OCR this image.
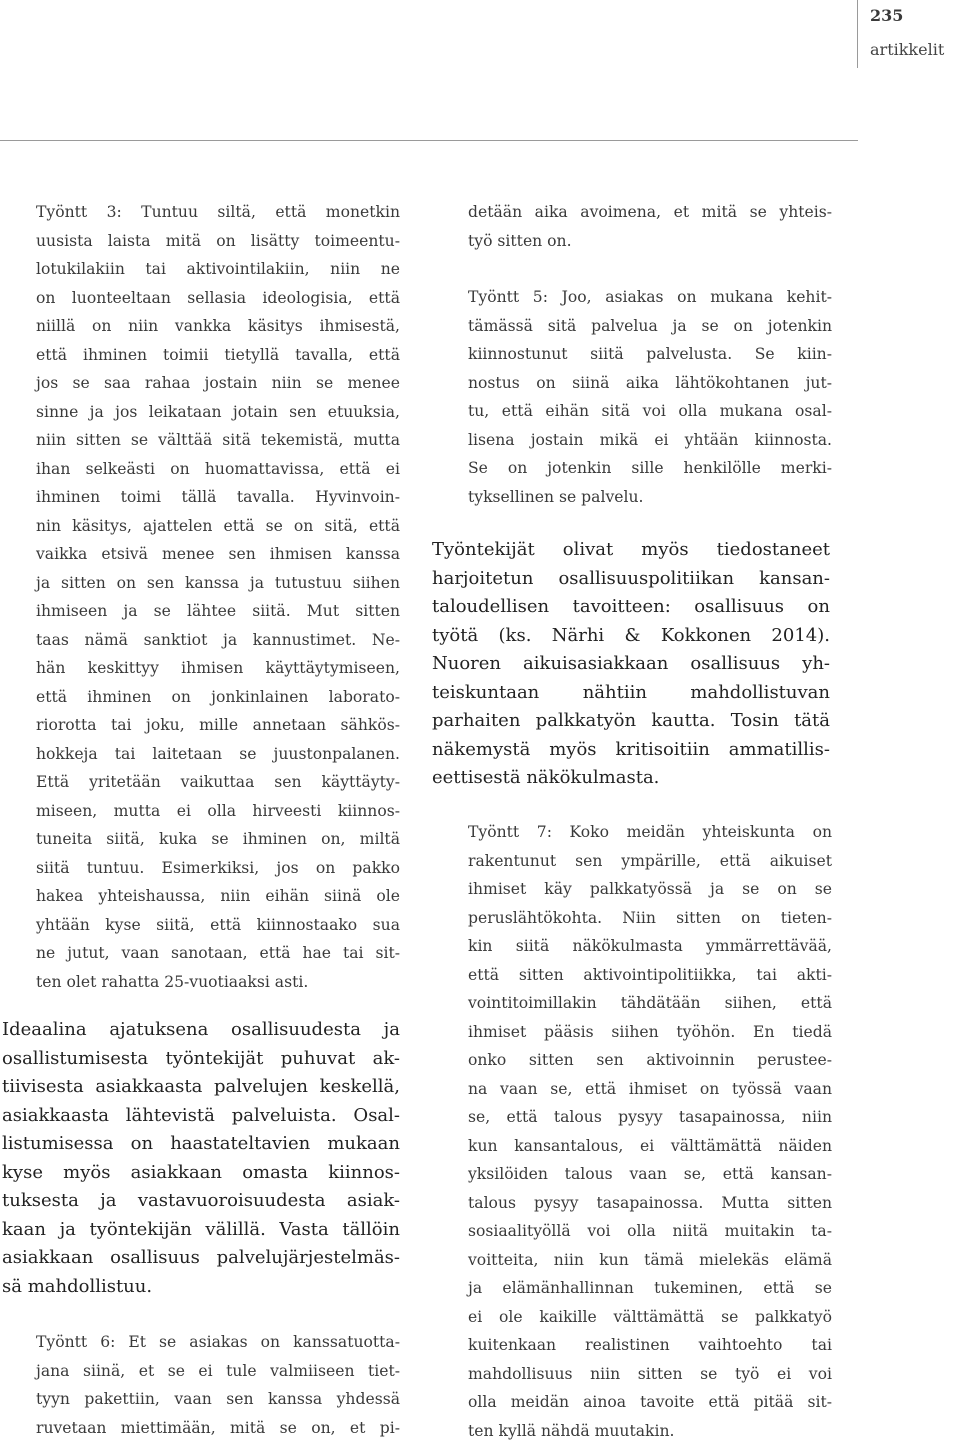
235
artikkelit
Työntt 3: Tuntuu siltä, että monetkin
uusista laista mitä on lisätty toimeentu-
lotukilakiin tai aktivointilakiin, niin ne
on luonteeltaan sellasia ideologisia, että
niillä on niin vankka käsitys ihmisestä,
että ihminen toimii tietyllä tavalla, että
jos se saa rahaa jostain niin se menee
sinne ja jos leikataan jotain sen etuuksia,
niin sitten se välttää sitä tekemistä, mutta
ihan selkeästi on huomattavissa, että ei
ihminen toimi tällä tavalla. Hyvinvoin-
nin käsitys, ajattelen että se on sitä, että
vaikka etsivä menee sen ihmisen kanssa
ja sitten on sen kanssa ja tutustuu siihen
ihmiseen ja se lähtee siitä. Mut sitten
taas nämä sanktiot ja kannustimet. Ne-
hän keskittyy ihmisen käyttäytymiseen,
että ihminen on jonkinlainen laborato-
riorotta tai joku, mille annetaan sähkös-
hokkeja tai laitetaan se juustonpalanen.
Että yritetään vaikuttaa sen käyttäyty-
miseen, mutta ei olla hirveesti kiinnos-
tuneita siitä, kuka se ihminen on, miltä
siitä tuntuu. Esimerkiksi, jos on pakko
hakea yhteishaussa, niin eihän siinä ole
yhtään kyse siitä, että kiinnostaako sua
ne jutut, vaan sanotaan, että hae tai sit-
ten olet rahatta 25-vuotiaaksi asti.
Ideaalina ajatuksena osallisuudesta ja
osallistumisesta työntekijät puhuvat ak-
tiivisesta asiakkaasta palvelujen keskellä,
asiakkaasta lähtevistä palveluista. Osal-
listumisessa on haastateltavien mukaan
kyse myös asiakkaan omasta kiinnos-
tuksesta ja vastavuoroisuudesta asiak-
kaan ja työntekijän välillä. Vasta tällöin
asiakkaan osallisuus palvelujärjestelmäs-
sä mahdollistuu.
Työntt 6: Et se asiakas on kanssatuotta-
jana siinä, et se ei tule valmiiseen tiet-
tyyn pakettiin, vaan sen kanssa yhdessä
ruvetaan miettimään, mitä se on, et pi-
detään aika avoimena, et mitä se yhteis-
työ sitten on.
Työntt 5: Joo, asiakas on mukana kehit-
tämässä sitä palvelua ja se on jotenkin
kiinnostunut siitä palvelusta. Se kiin-
nostus on siinä aika lähtökohtanen jut-
tu, että eihän sitä voi olla mukana osal-
lisena jostain mikä ei yhtään kiinnosta.
Se on jotenkin sille henkilölle merki-
tyksellinen se palvelu.
Työntekijät olivat myös tiedostaneet
harjoitetun osallisuuspolitiikan kansan-
taloudellisen tavoitteen: osallisuus on
työtä (ks. Närhi & Kokkonen 2014).
Nuoren aikuisasiakkaan osallisuus yh-
teiskuntaan nähtiin mahdollistuvan
parhaiten palkkatyön kautta. Tosin tätä
näkemystä myös kritisoitiin ammatillis-
eettisestä näkökulmasta.
Työntt 7: Koko meidän yhteiskunta on
rakentunut sen ympärille, että aikuiset
ihmiset käy palkkatyössä ja se on se
peruslähtökohta. Niin sitten on tieten-
kin siitä näkökulmasta ymmärrettävää,
että sitten aktivointipolitiikka, tai akti-
vointitoimillakin tähdätään siihen, että
ihmiset pääsis siihen työhön. En tiedä
onko sitten sen aktivoinnin perustee-
na vaan se, että ihmiset on työssä vaan
se, että talous pysyy tasapainossa, niin
kun kansantalous, ei välttämättä näiden
yksilöiden talous vaan se, että kansan-
talous pysyy tasapainossa. Mutta sitten
sosiaalityöllä voi olla niitä muitakin ta-
voitteita, niin kun tämä mielekäs elämä
ja elämänhallinnan tukeminen, että se
ei ole kaikille välttämättä se palkkatyö
kuitenkaan realistinen vaihtoehto tai
mahdollisuus niin sitten se työ ei voi
olla meidän ainoa tavoite että pitää sit-
ten kyllä nähdä muutakin.
